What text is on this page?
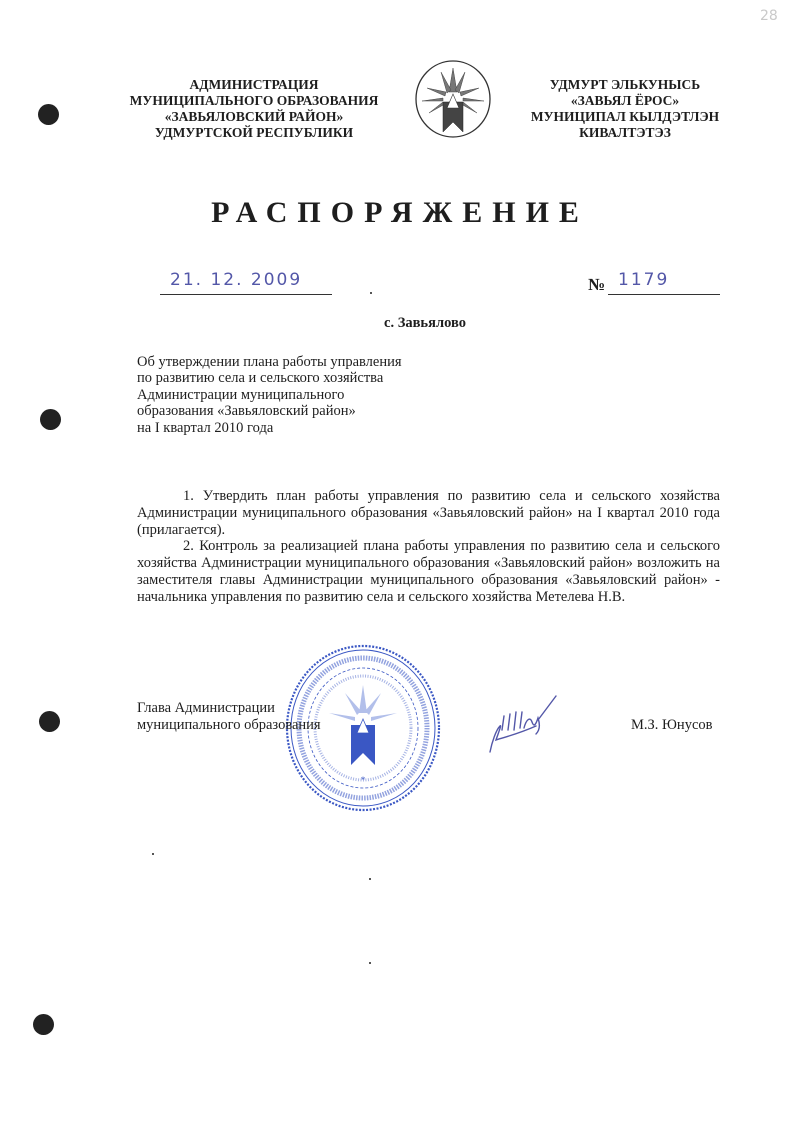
28
АДМИНИСТРАЦИЯ
МУНИЦИПАЛЬНОГО ОБРАЗОВАНИЯ
«ЗАВЬЯЛОВСКИЙ РАЙОН»
УДМУРТСКОЙ РЕСПУБЛИКИ
УДМУРТ ЭЛЬКУНЫСЬ
«ЗАВЬЯЛ ЁРОС»
МУНИЦИПАЛ КЫЛДЭТЛЭН
КИВАЛТЭТЭЗ
РАСПОРЯЖЕНИЕ
21. 12. 2009	№ 1179
с. Завьялово
Об утверждении плана работы управления
по развитию села и сельского хозяйства
Администрации муниципального
образования «Завьяловский район»
на I квартал 2010 года

1. Утвердить план работы управления по развитию села и сельского хозяйства Администрации муниципального образования «Завьяловский район» на I квартал 2010 года (прилагается).

2. Контроль за реализацией плана работы управления по развитию села и сельского хозяйства Администрации муниципального образования «Завьяловский район» возложить на заместителя главы Администрации муниципального образования «Завьяловский район» - начальника управления по развитию села и сельского хозяйства Метелева Н.В.

*
Глава Администрации
муниципального образования	М.З. Юнусов
